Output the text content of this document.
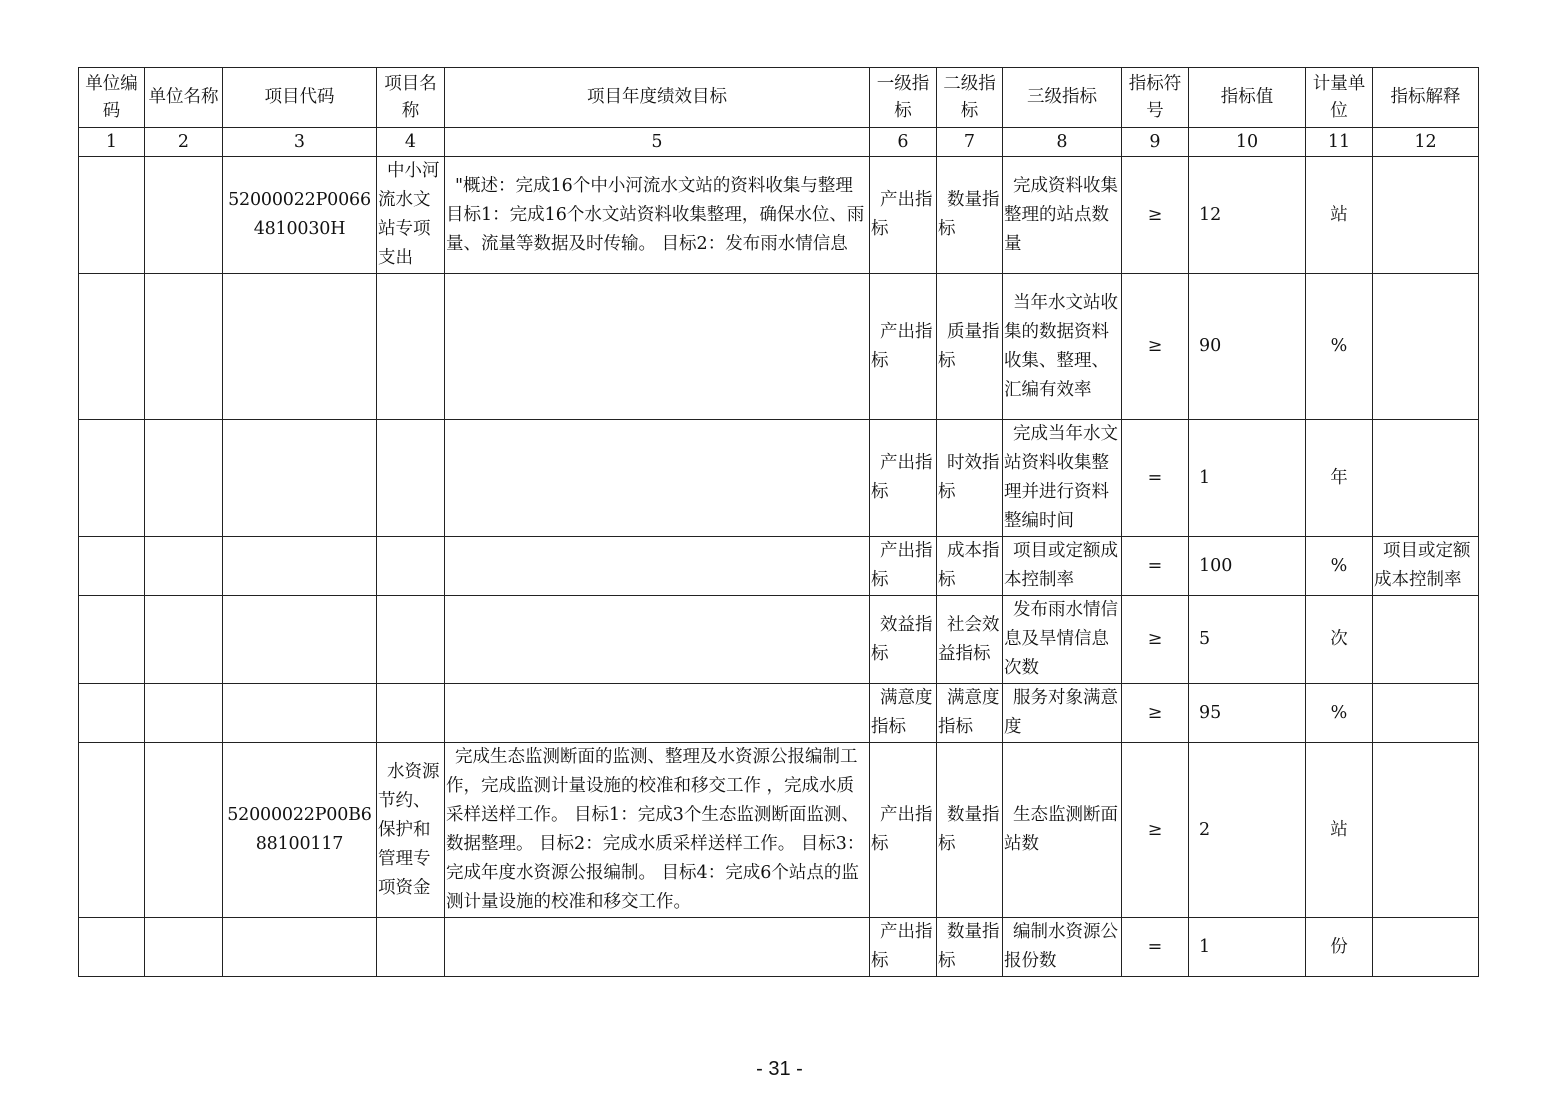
单位编码	单位名称	项目代码	项目名称	项目年度绩效目标	一级指标	二级指标	三级指标	指标符号	指标值	计量单位	指标解释
1	2	3	4	5	6	7	8	9	10	11	12
		52000022P00664810030H	中小河流水文站专项支出	"概述：完成16个中小河流水文站的资料收集与整理 目标1：完成16个水文站资料收集整理，确保水位、雨量、流量等数据及时传输。 目标2：发布雨水情信息	产出指标	数量指标	完成资料收集整理的站点数量	≥	12	站	
					产出指标	质量指标	当年水文站收集的数据资料收集、整理、汇编有效率	≥	90	%	
					产出指标	时效指标	完成当年水文站资料收集整理并进行资料整编时间	=	1	年	
					产出指标	成本指标	项目或定额成本控制率	=	100	%	项目或定额成本控制率
					效益指标	社会效益指标	发布雨水情信息及旱情信息次数	≥	5	次	
					满意度指标	满意度指标	服务对象满意度	≥	95	%	
		52000022P00B688100117	水资源节约、保护和管理专项资金	完成生态监测断面的监测、整理及水资源公报编制工作，完成监测计量设施的校准和移交工作 ，完成水质采样送样工作。 目标1：完成3个生态监测断面监测、数据整理。 目标2：完成水质采样送样工作。 目标3：完成年度水资源公报编制。 目标4：完成6个站点的监测计量设施的校准和移交工作。	产出指标	数量指标	生态监测断面站数	≥	2	站	
					产出指标	数量指标	编制水资源公报份数	=	1	份	
- 31 -
